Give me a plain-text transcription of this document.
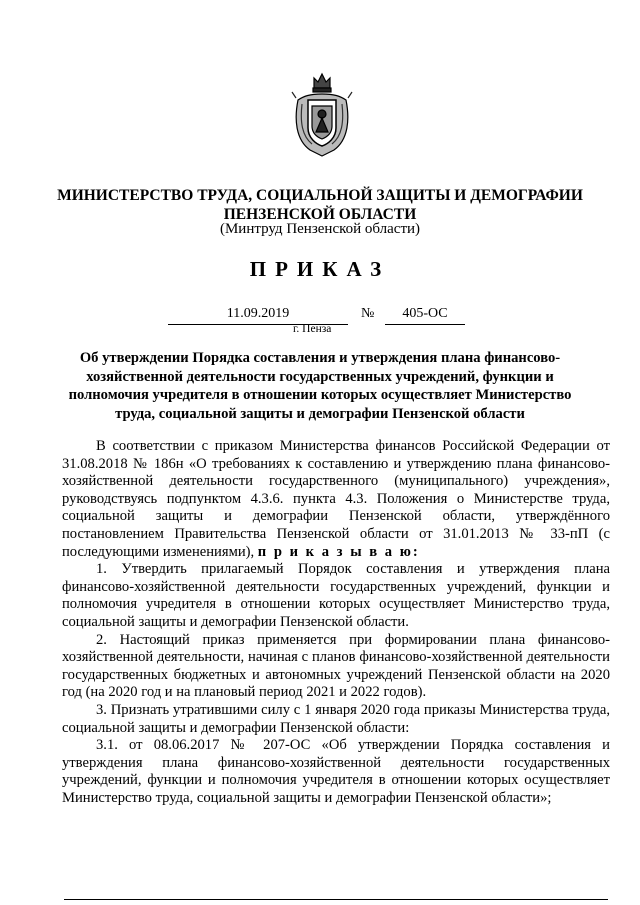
МИНИСТЕРСТВО ТРУДА, СОЦИАЛЬНОЙ ЗАЩИТЫ И ДЕМОГРАФИИ
ПЕНЗЕНСКОЙ ОБЛАСТИ
(Минтруд Пензенской области)
ПРИКАЗ
11.09.2019	№	405-ОС
г. Пенза
Об утверждении Порядка составления и утверждения плана финансово-
хозяйственной деятельности государственных учреждений, функции и
полномочия учредителя в отношении которых осуществляет Министерство
труда, социальной защиты и демографии Пензенской области

В соответствии с приказом Министерства финансов Российской Федерации от 31.08.2018 № 186н «О требованиях к составлению и утверждению плана финансово-хозяйственной деятельности государственного (муниципального) учреждения», руководствуясь подпунктом 4.3.6. пункта 4.3. Положения о Министерстве труда, социальной защиты и демографии Пензенской области, утверждённого постановлением Правительства Пензенской области от 31.01.2013 № 33-пП (с последующими изменениями), п р и к а з ы в а ю:

1. Утвердить прилагаемый Порядок составления и утверждения плана финансово-хозяйственной деятельности государственных учреждений, функции и полномочия учредителя в отношении которых осуществляет Министерство труда, социальной защиты и демографии Пензенской области.

2. Настоящий приказ применяется при формировании плана финансово-хозяйственной деятельности, начиная с планов финансово-хозяйственной деятельности государственных бюджетных и автономных учреждений Пензенской области на 2020 год (на 2020 год и на плановый период 2021 и 2022 годов).

3. Признать утратившими силу с 1 января 2020 года приказы Министерства труда, социальной защиты и демографии Пензенской области:

3.1. от 08.06.2017 № 207-ОС «Об утверждении Порядка составления и утверждения плана финансово-хозяйственной деятельности государственных учреждений, функции и полномочия учредителя в отношении которых осуществляет Министерство труда, социальной защиты и демографии Пензенской области»;
